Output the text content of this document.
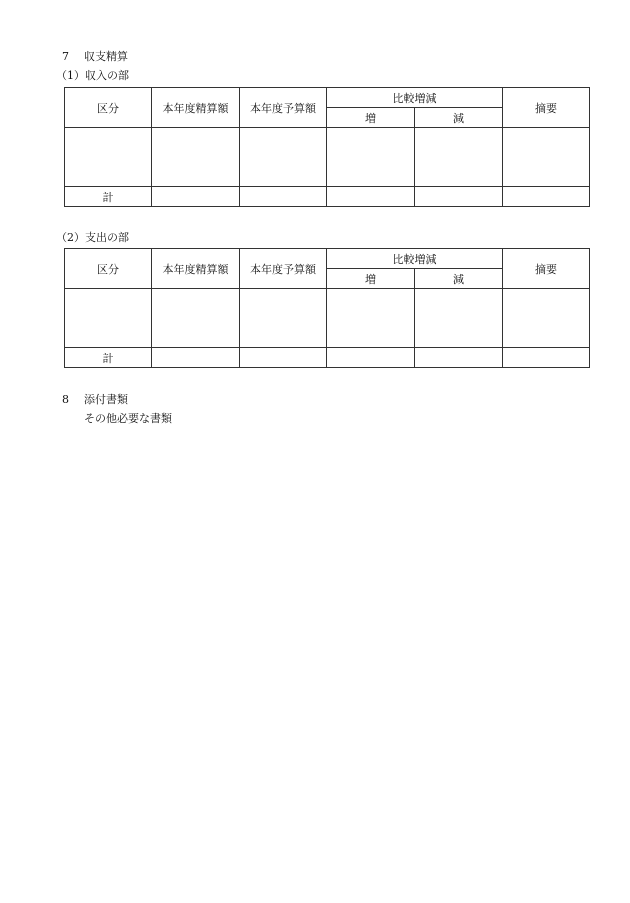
7 収支精算
（1）収入の部
区分	本年度精算額	本年度予算額	比較増減		摘要
			増	減	

計					
（2）支出の部
区分	本年度精算額	本年度予算額	比較増減		摘要
			増	減	

計					
8 添付書類
その他必要な書類
